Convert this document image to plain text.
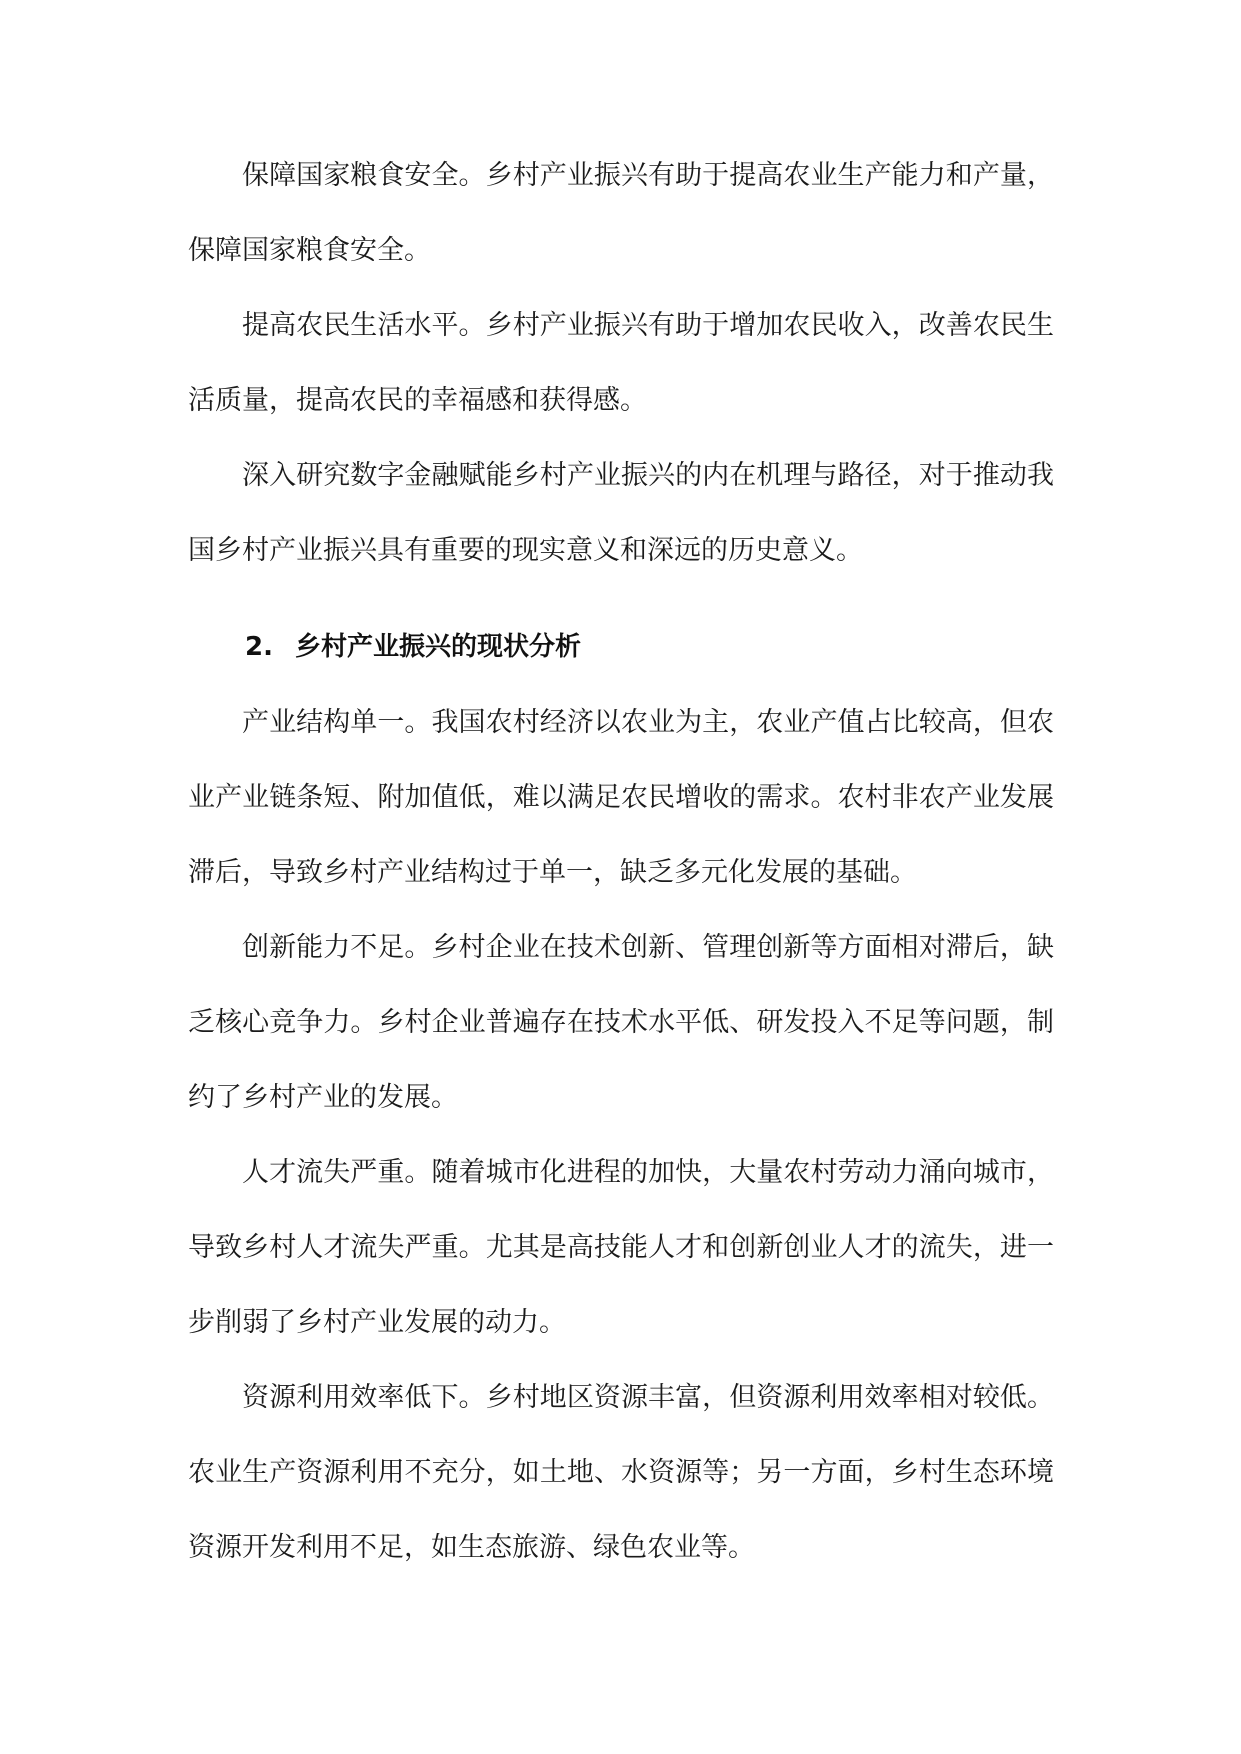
保障国家粮食安全。乡村产业振兴有助于提高农业生产能力和产量，保障国家粮食安全。

提高农民生活水平。乡村产业振兴有助于增加农民收入，改善农民生活质量，提高农民的幸福感和获得感。

深入研究数字金融赋能乡村产业振兴的内在机理与路径，对于推动我国乡村产业振兴具有重要的现实意义和深远的历史意义。

2. 乡村产业振兴的现状分析

产业结构单一。我国农村经济以农业为主，农业产值占比较高，但农业产业链条短、附加值低，难以满足农民增收的需求。农村非农产业发展滞后，导致乡村产业结构过于单一，缺乏多元化发展的基础。

创新能力不足。乡村企业在技术创新、管理创新等方面相对滞后，缺乏核心竞争力。乡村企业普遍存在技术水平低、研发投入不足等问题，制约了乡村产业的发展。

人才流失严重。随着城市化进程的加快，大量农村劳动力涌向城市，导致乡村人才流失严重。尤其是高技能人才和创新创业人才的流失，进一步削弱了乡村产业发展的动力。

资源利用效率低下。乡村地区资源丰富，但资源利用效率相对较低。农业生产资源利用不充分，如土地、水资源等；另一方面，乡村生态环境资源开发利用不足，如生态旅游、绿色农业等。
